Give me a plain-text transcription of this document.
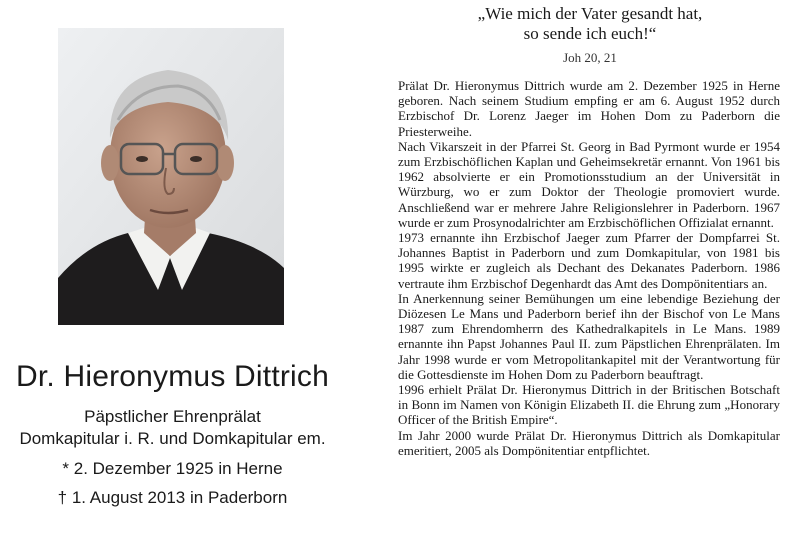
„Wie mich der Vater gesandt hat,
so sende ich euch!“
Joh 20, 21
Dr. Hieronymus Dittrich
Päpstlicher Ehrenprälat
Domkapitular i. R. und Domkapitular em.
* 2. Dezember 1925 in Herne
† 1. August 2013 in Paderborn

Prälat Dr. Hieronymus Dittrich wurde am 2. Dezember 1925 in Herne geboren. Nach seinem Studium empfing er am 6. August 1952 durch Erzbischof Dr. Lorenz Jaeger im Hohen Dom zu Paderborn die Priesterweihe.

Nach Vikarszeit in der Pfarrei St. Georg in Bad Pyrmont wurde er 1954 zum Erzbischöflichen Kaplan und Geheimsekretär ernannt. Von 1961 bis 1962 absolvierte er ein Promotionsstudium an der Universität in Würzburg, wo er zum Doktor der Theologie promoviert wurde. Anschließend war er mehrere Jahre Religionslehrer in Paderborn. 1967 wurde er zum Prosynodalrichter am Erzbischöflichen Offizialat ernannt.

1973 ernannte ihn Erzbischof Jaeger zum Pfarrer der Dompfarrei St. Johannes Baptist in Paderborn und zum Domkapitular, von 1981 bis 1995 wirkte er zugleich als Dechant des Dekanates Paderborn. 1986 vertraute ihm Erzbischof Degenhardt das Amt des Dompönitentiars an.

In Anerkennung seiner Bemühungen um eine lebendige Beziehung der Diözesen Le Mans und Paderborn berief ihn der Bischof von Le Mans 1987 zum Ehrendomherrn des Kathedralkapitels in Le Mans. 1989 ernannte ihn Papst Johannes Paul II. zum Päpstlichen Ehrenprälaten. Im Jahr 1998 wurde er vom Metropolitankapitel mit der Verantwortung für die Gottesdienste im Hohen Dom zu Paderborn beauftragt.

1996 erhielt Prälat Dr. Hieronymus Dittrich in der Britischen Botschaft in Bonn im Namen von Königin Elizabeth II. die Ehrung zum „Honorary Officer of the British Empire“.

Im Jahr 2000 wurde Prälat Dr. Hieronymus Dittrich als Domkapitular emeritiert, 2005 als Dompönitentiar entpflichtet.
